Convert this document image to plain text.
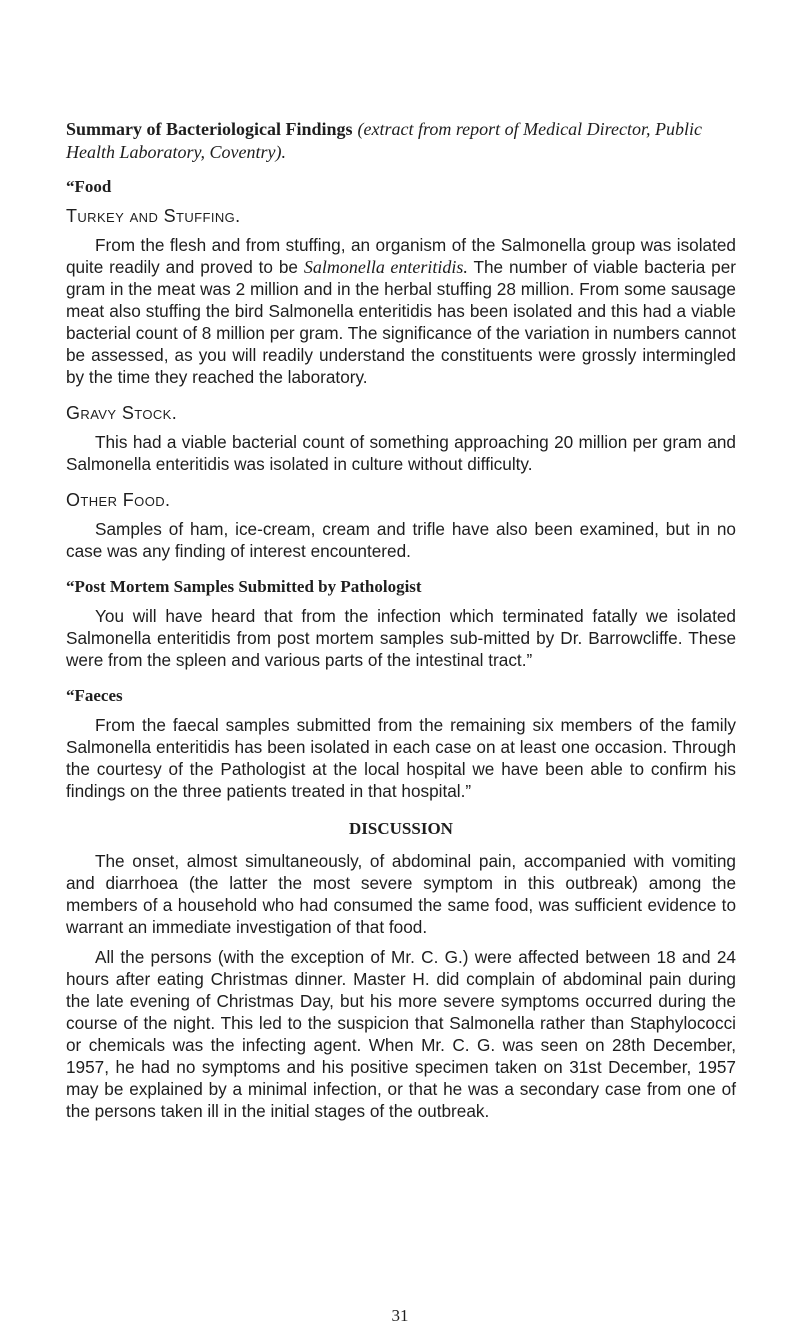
Summary of Bacteriological Findings (extract from report of Medical Director, Public Health Laboratory, Coventry).
“Food
Turkey and Stuffing.

From the flesh and from stuffing, an organism of the Salmonella group was isolated quite readily and proved to be Salmonella enteritidis. The number of viable bacteria per gram in the meat was 2 million and in the herbal stuffing 28 million. From some sausage meat also stuffing the bird Salmonella enteritidis has been isolated and this had a viable bacterial count of 8 million per gram. The significance of the variation in numbers cannot be assessed, as you will readily understand the constituents were grossly intermingled by the time they reached the laboratory.

Gravy Stock.

This had a viable bacterial count of something approaching 20 million per gram and Salmonella enteritidis was isolated in culture without difficulty.

Other Food.

Samples of ham, ice-cream, cream and trifle have also been examined, but in no case was any finding of interest encountered.

“Post Mortem Samples Submitted by Pathologist

You will have heard that from the infection which terminated fatally we isolated Salmonella enteritidis from post mortem samples sub-mitted by Dr. Barrowcliffe. These were from the spleen and various parts of the intestinal tract.”

“Faeces

From the faecal samples submitted from the remaining six members of the family Salmonella enteritidis has been isolated in each case on at least one occasion. Through the courtesy of the Pathologist at the local hospital we have been able to confirm his findings on the three patients treated in that hospital.”

DISCUSSION

The onset, almost simultaneously, of abdominal pain, accompanied with vomiting and diarrhoea (the latter the most severe symptom in this outbreak) among the members of a household who had consumed the same food, was sufficient evidence to warrant an immediate investigation of that food.

All the persons (with the exception of Mr. C. G.) were affected between 18 and 24 hours after eating Christmas dinner. Master H. did complain of abdominal pain during the late evening of Christmas Day, but his more severe symptoms occurred during the course of the night. This led to the suspicion that Salmonella rather than Staphylococci or chemicals was the infecting agent. When Mr. C. G. was seen on 28th December, 1957, he had no symptoms and his positive specimen taken on 31st December, 1957 may be explained by a minimal infection, or that he was a secondary case from one of the persons taken ill in the initial stages of the outbreak.

31
